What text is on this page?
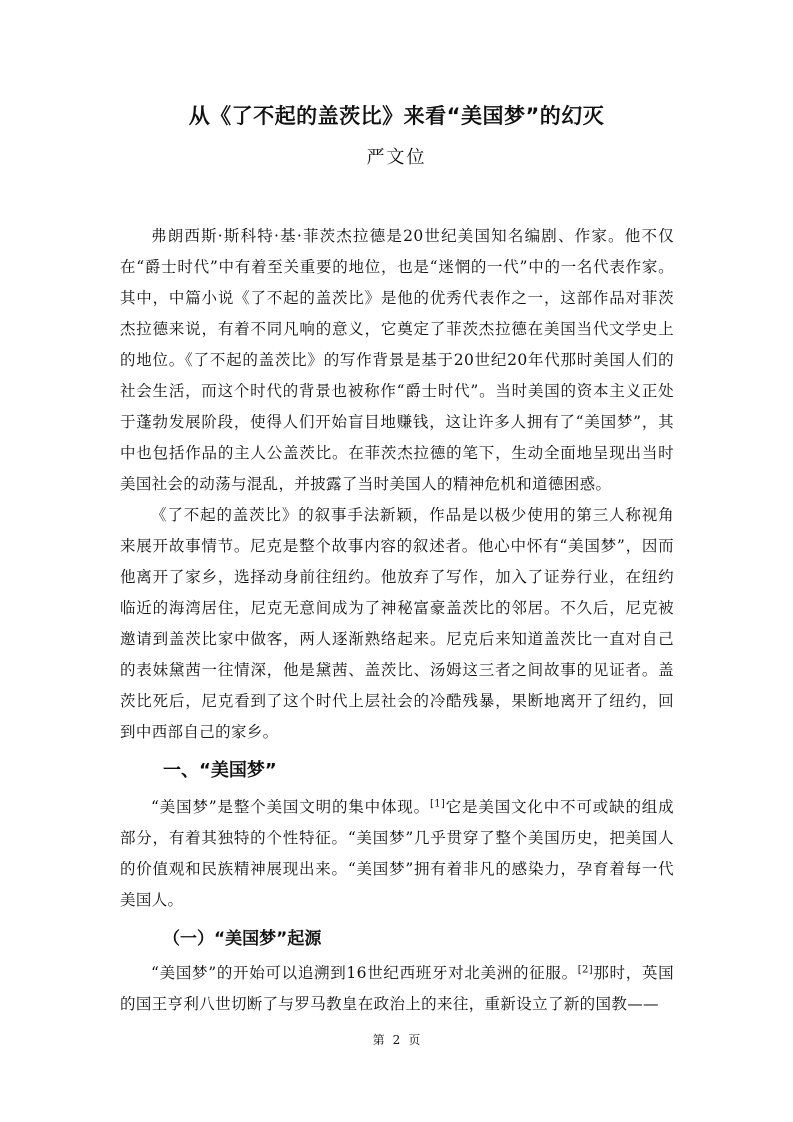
从《了不起的盖茨比》来看“美国梦”的幻灭

严文位

弗朗西斯·斯科特·基·菲茨杰拉德是20世纪美国知名编剧、作家。他不仅在“爵士时代”中有着至关重要的地位，也是“迷惘的一代”中的一名代表作家。其中，中篇小说《了不起的盖茨比》是他的优秀代表作之一，这部作品对菲茨杰拉德来说，有着不同凡响的意义，它奠定了菲茨杰拉德在美国当代文学史上的地位。《了不起的盖茨比》的写作背景是基于20世纪20年代那时美国人们的社会生活，而这个时代的背景也被称作“爵士时代”。当时美国的资本主义正处于蓬勃发展阶段，使得人们开始盲目地赚钱，这让许多人拥有了“美国梦”，其中也包括作品的主人公盖茨比。在菲茨杰拉德的笔下，生动全面地呈现出当时美国社会的动荡与混乱，并披露了当时美国人的精神危机和道德困惑。

《了不起的盖茨比》的叙事手法新颖，作品是以极少使用的第三人称视角来展开故事情节。尼克是整个故事内容的叙述者。他心中怀有“美国梦”，因而他离开了家乡，选择动身前往纽约。他放弃了写作，加入了证券行业，在纽约临近的海湾居住，尼克无意间成为了神秘富豪盖茨比的邻居。不久后，尼克被邀请到盖茨比家中做客，两人逐渐熟络起来。尼克后来知道盖茨比一直对自己的表妹黛茜一往情深，他是黛茜、盖茨比、汤姆这三者之间故事的见证者。盖茨比死后，尼克看到了这个时代上层社会的冷酷残暴，果断地离开了纽约，回到中西部自己的家乡。

一、“美国梦”

“美国梦”是整个美国文明的集中体现。[1]它是美国文化中不可或缺的组成部分，有着其独特的个性特征。“美国梦”几乎贯穿了整个美国历史，把美国人的价值观和民族精神展现出来。“美国梦”拥有着非凡的感染力，孕育着每一代美国人。

（一）“美国梦”起源

“美国梦”的开始可以追溯到16世纪西班牙对北美洲的征服。[2]那时，英国的国王亨利八世切断了与罗马教皇在政治上的来往，重新设立了新的国教——

第 2 页
